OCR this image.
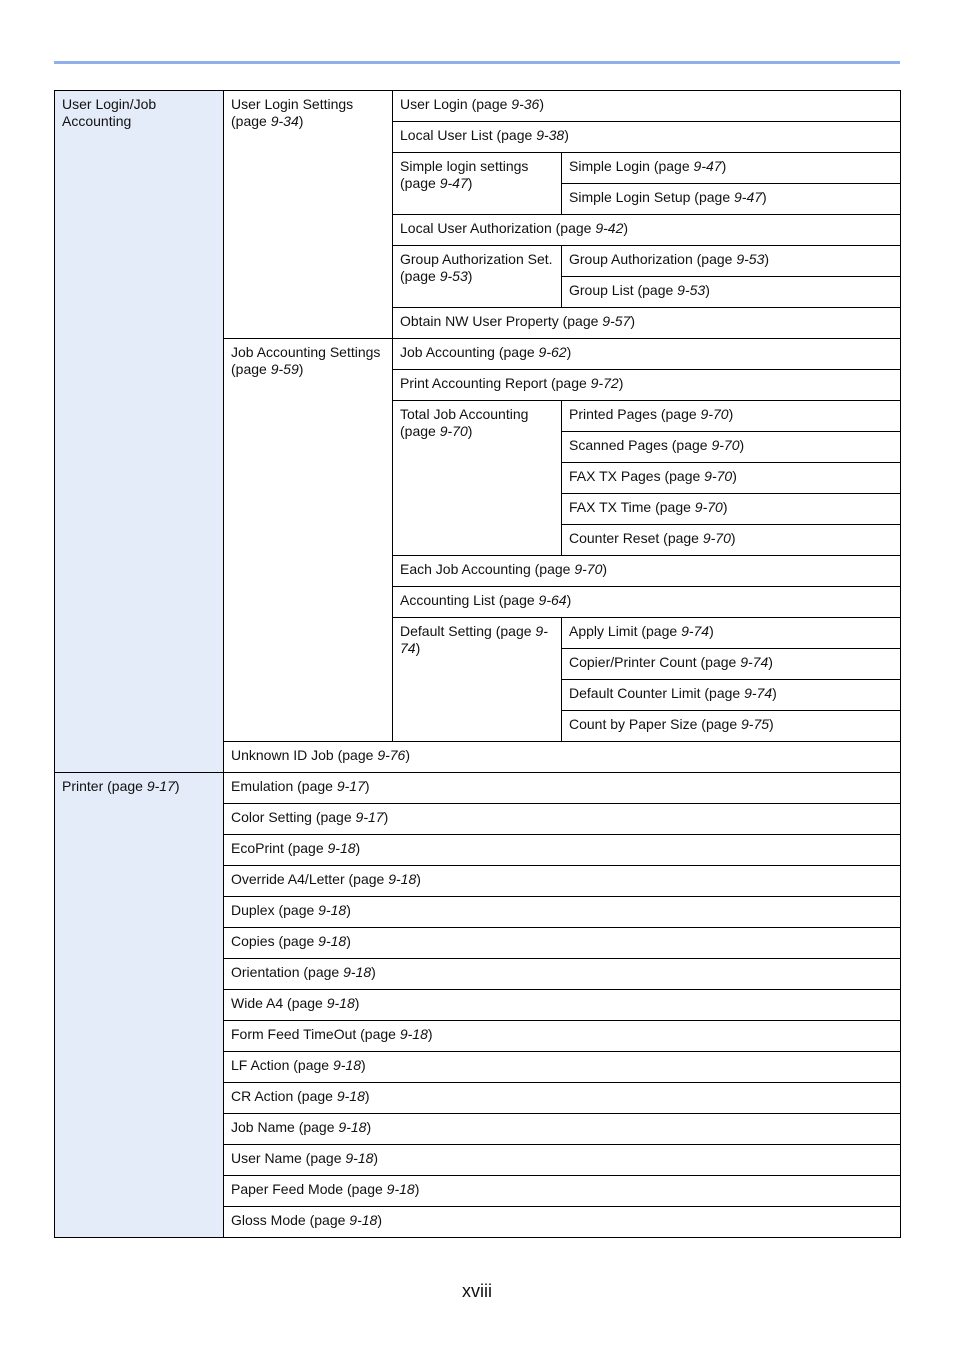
User Login/Job Accounting	User Login Settings (page 9-34)	User Login (page 9-36)	
		Local User List (page 9-38)	
		Simple login settings (page 9-47)	Simple Login (page 9-47)
			Simple Login Setup (page 9-47)
		Local User Authorization (page 9-42)	
		Group Authorization Set. (page 9-53)	Group Authorization (page 9-53)
			Group List (page 9-53)
		Obtain NW User Property (page 9-57)	
	Job Accounting Settings (page 9-59)	Job Accounting (page 9-62)	
		Print Accounting Report (page 9-72)	
		Total Job Accounting (page 9-70)	Printed Pages (page 9-70)
			Scanned Pages (page 9-70)
			FAX TX Pages (page 9-70)
			FAX TX Time (page 9-70)
			Counter Reset (page 9-70)
		Each Job Accounting (page 9-70)	
		Accounting List (page 9-64)	
		Default Setting (page 9-74)	Apply Limit (page 9-74)
			Copier/Printer Count (page 9-74)
			Default Counter Limit (page 9-74)
			Count by Paper Size (page 9-75)
	Unknown ID Job (page 9-76)		
Printer (page 9-17)	Emulation (page 9-17)		
	Color Setting (page 9-17)		
	EcoPrint (page 9-18)		
	Override A4/Letter (page 9-18)		
	Duplex (page 9-18)		
	Copies (page 9-18)		
	Orientation (page 9-18)		
	Wide A4 (page 9-18)		
	Form Feed TimeOut (page 9-18)		
	LF Action (page 9-18)		
	CR Action (page 9-18)		
	Job Name (page 9-18)		
	User Name (page 9-18)		
	Paper Feed Mode (page 9-18)		
	Gloss Mode (page 9-18)		
xviii
